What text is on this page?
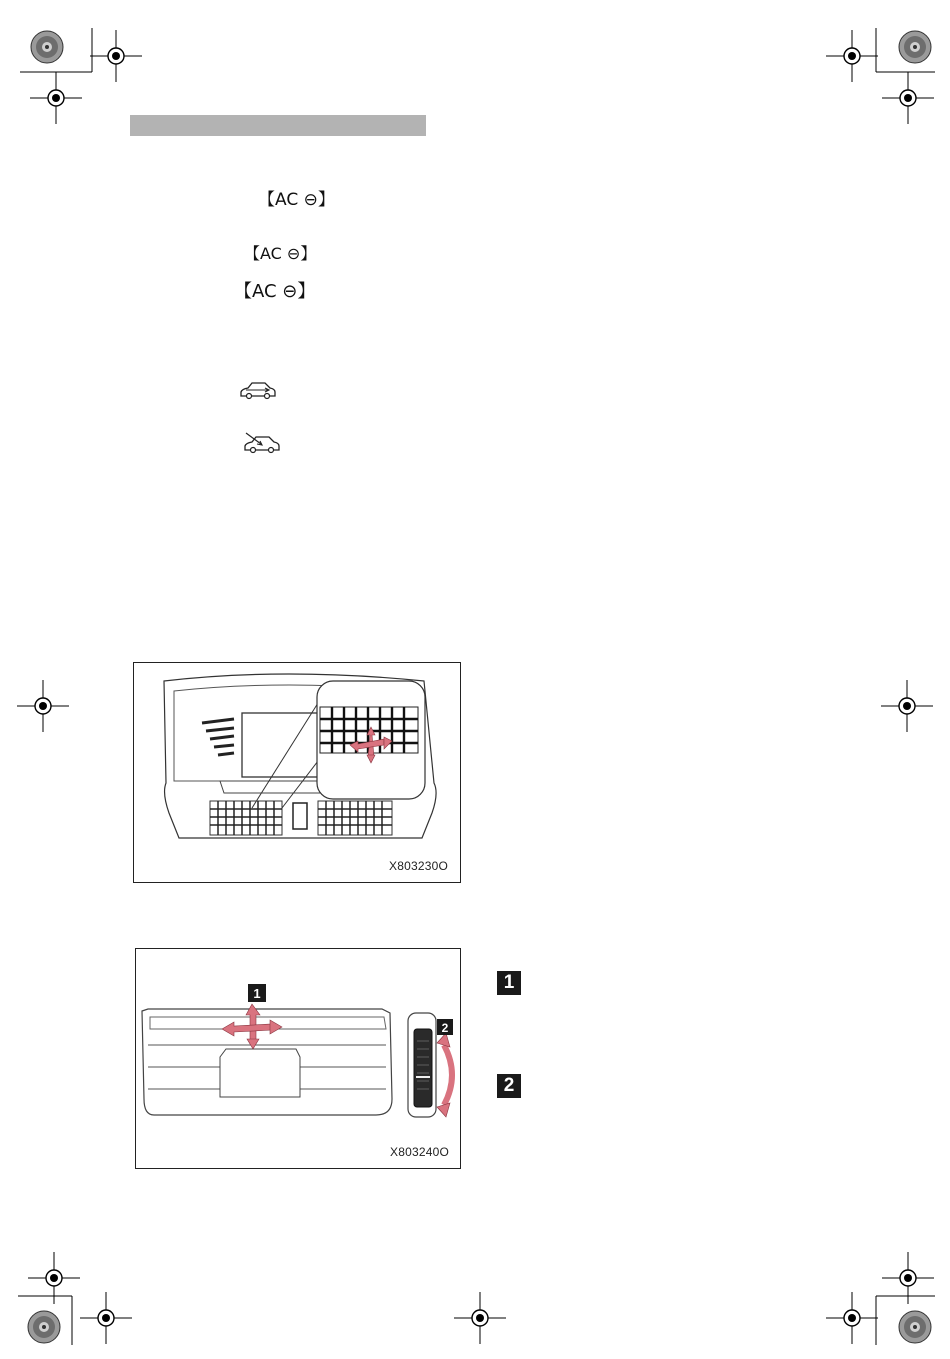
【AC ⊖】
【AC ⊖】
【AC ⊖】
X803230O
1
2
X803240O
1
2
